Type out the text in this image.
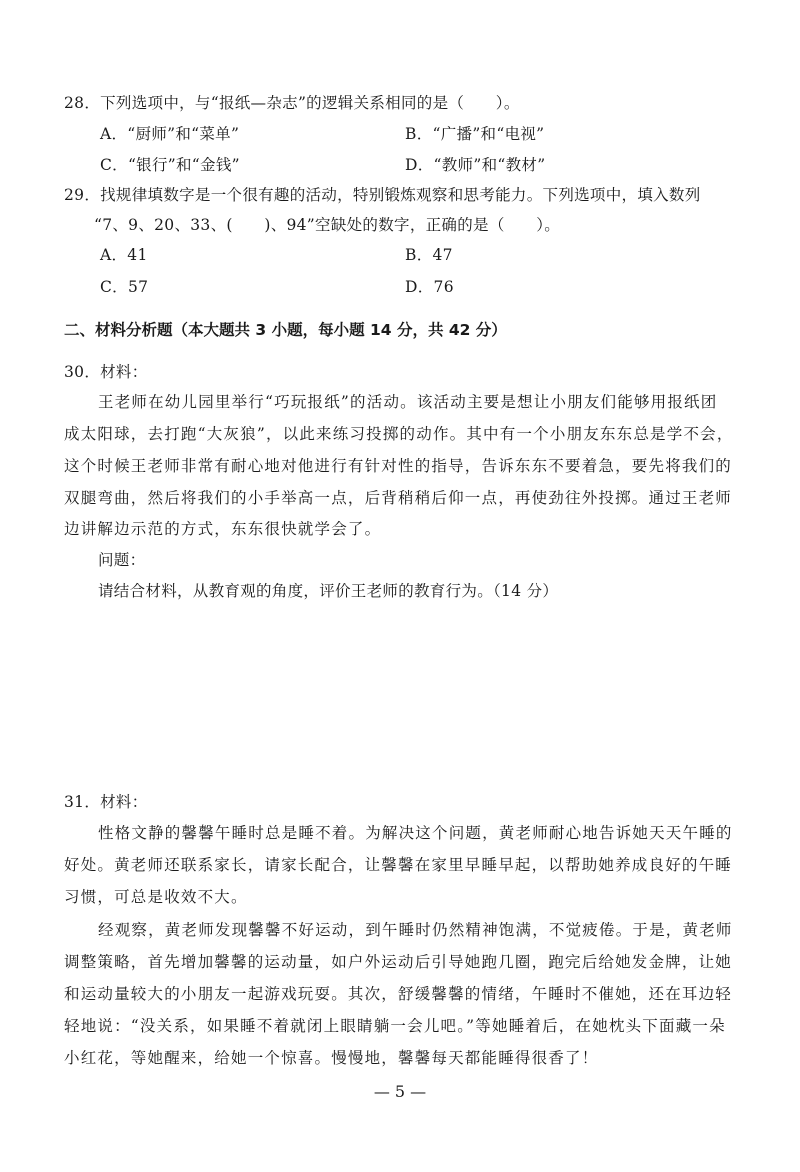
28．下列选项中，与“报纸—杂志”的逻辑关系相同的是（　　）。
A．“厨师”和“菜单”	B．“广播”和“电视”
C．“银行”和“金钱”	D．“教师”和“教材”
29．找规律填数字是一个很有趣的活动，特别锻炼观察和思考能力。下列选项中，填入数列
“7、9、20、33、(　　)、94”空缺处的数字，正确的是（　　）。
A．41	B．47
C．57	D．76
二、材料分析题（本大题共 3 小题，每小题 14 分，共 42 分）
30．材料：
王老师在幼儿园里举行“巧玩报纸”的活动。该活动主要是想让小朋友们能够用报纸团
成太阳球，去打跑“大灰狼”，以此来练习投掷的动作。其中有一个小朋友东东总是学不会，
这个时候王老师非常有耐心地对他进行有针对性的指导，告诉东东不要着急，要先将我们的
双腿弯曲，然后将我们的小手举高一点，后背稍稍后仰一点，再使劲往外投掷。通过王老师
边讲解边示范的方式，东东很快就学会了。
问题：
请结合材料，从教育观的角度，评价王老师的教育行为。（14 分）
31．材料：
性格文静的馨馨午睡时总是睡不着。为解决这个问题，黄老师耐心地告诉她天天午睡的
好处。黄老师还联系家长，请家长配合，让馨馨在家里早睡早起，以帮助她养成良好的午睡
习惯，可总是收效不大。
经观察，黄老师发现馨馨不好运动，到午睡时仍然精神饱满，不觉疲倦。于是，黄老师
调整策略，首先增加馨馨的运动量，如户外运动后引导她跑几圈，跑完后给她发金牌，让她
和运动量较大的小朋友一起游戏玩耍。其次，舒缓馨馨的情绪，午睡时不催她，还在耳边轻
轻地说：“没关系，如果睡不着就闭上眼睛躺一会儿吧。”等她睡着后，在她枕头下面藏一朵
小红花，等她醒来，给她一个惊喜。慢慢地，馨馨每天都能睡得很香了！
— 5 —
